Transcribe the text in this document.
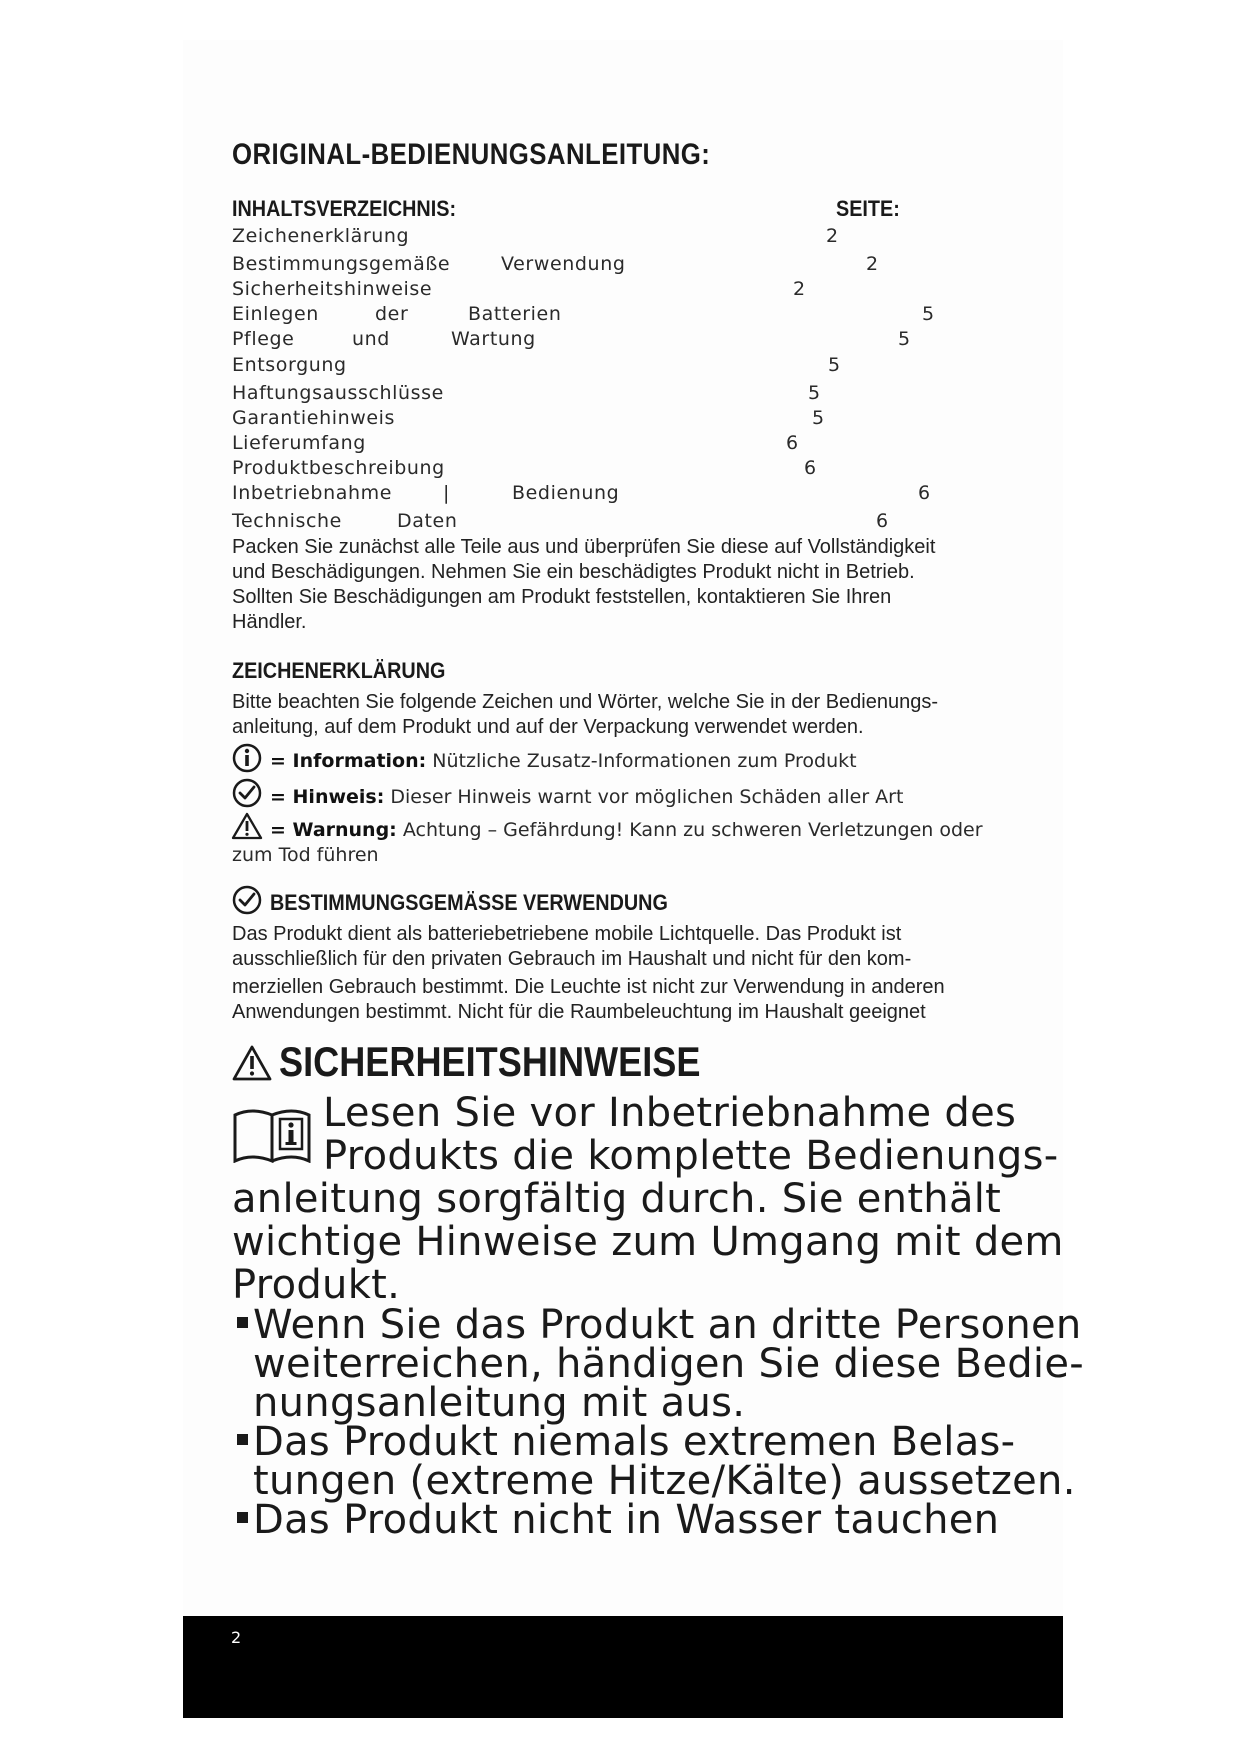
ORIGINAL-BEDIENUNGSANLEITUNG:
INHALTSVERZEICHNIS:	SEITE:
Zeichenerklärung	2
Bestimmungsgemäße	Verwendung	2
Sicherheitshinweise	2
Einlegen	der	Batterien	5
Pflege	und	Wartung	5
Entsorgung	5
Haftungsausschlüsse	5
Garantiehinweis	5
Lieferumfang	6
Produktbeschreibung	6
Inbetriebnahme	|	Bedienung	6
Technische	Daten	6
Packen Sie zunächst alle Teile aus und überprüfen Sie diese auf Vollständigkeit
und Beschädigungen. Nehmen Sie ein beschädigtes Produkt nicht in Betrieb.
Sollten Sie Beschädigungen am Produkt feststellen, kontaktieren Sie Ihren
Händler.
ZEICHENERKLÄRUNG
Bitte beachten Sie folgende Zeichen und Wörter, welche Sie in der Bedienungs-
anleitung, auf dem Produkt und auf der Verpackung verwendet werden.
= Information: Nützliche Zusatz-Informationen zum Produkt
= Hinweis: Dieser Hinweis warnt vor möglichen Schäden aller Art
= Warnung: Achtung – Gefährdung! Kann zu schweren Verletzungen oder
zum Tod führen
BESTIMMUNGSGEMÄSSE VERWENDUNG
Das Produkt dient als batteriebetriebene mobile Lichtquelle. Das Produkt ist
ausschließlich für den privaten Gebrauch im Haushalt und nicht für den kom-
merziellen Gebrauch bestimmt. Die Leuchte ist nicht zur Verwendung in anderen
Anwendungen bestimmt. Nicht für die Raumbeleuchtung im Haushalt geeignet
SICHERHEITSHINWEISE
Lesen Sie vor Inbetriebnahme des
Produkts die komplette Bedienungs-
anleitung sorgfältig durch. Sie enthält
wichtige Hinweise zum Umgang mit dem
Produkt.
Wenn Sie das Produkt an dritte Personen
weiterreichen, händigen Sie diese Bedie-
nungsanleitung mit aus.
Das Produkt niemals extremen Belas-
tungen (extreme Hitze/Kälte) aussetzen.
Das Produkt nicht in Wasser tauchen
2
